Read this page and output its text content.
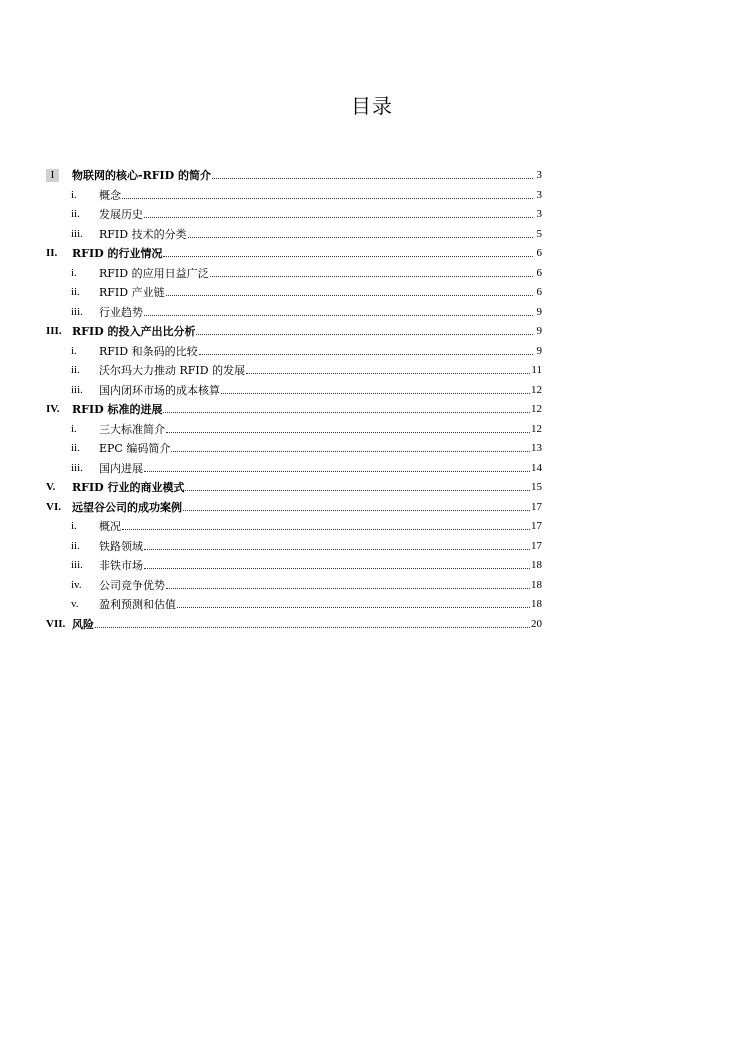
目录
I	物联网的核心-RFID 的简介	3
i.	概念	3
ii.	发展历史	3
iii.	RFID 技术的分类	5
II.	RFID 的行业情况	6
i.	RFID 的应用日益广泛	6
ii.	RFID 产业链	6
iii.	行业趋势	9
III. RFID 的投入产出比分析	9
i.	RFID 和条码的比较	9
ii.	沃尔玛大力推动 RFID 的发展	11
iii.	国内闭环市场的成本核算	12
IV.	RFID 标准的进展	12
i.	三大标准简介	12
ii.	EPC 编码简介	13
iii.	国内进展	14
V.	RFID 行业的商业模式	15
VI.	远望谷公司的成功案例	17
i.	概况	17
ii.	铁路领域	17
iii.	非铁市场	18
iv.	公司竞争优势	18
v.	盈利预测和估值	18
VII. 风险	20
